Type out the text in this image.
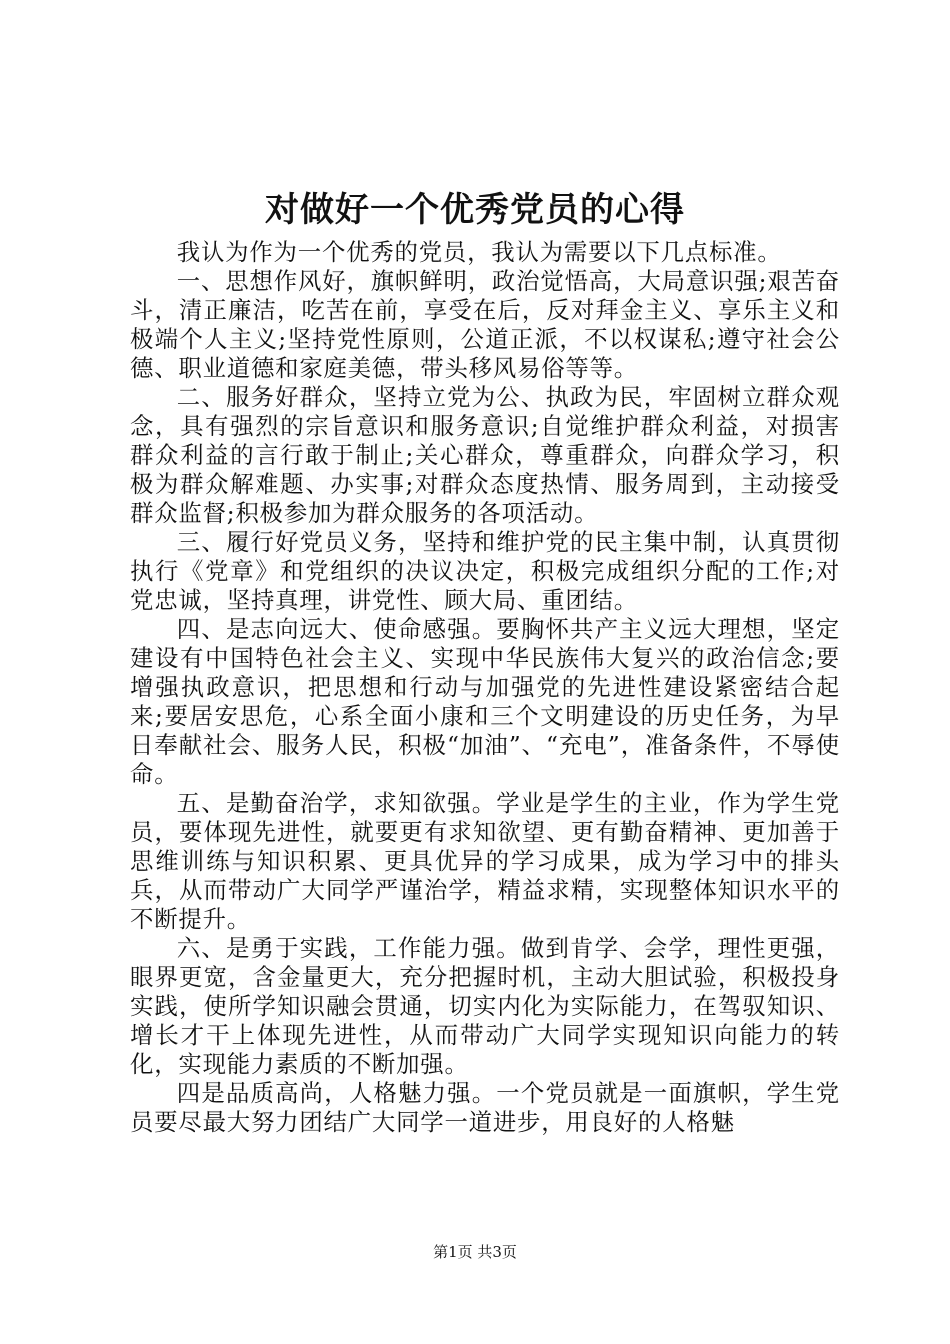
对做好一个优秀党员的心得

我认为作为一个优秀的党员，我认为需要以下几点标准。

一、思想作风好，旗帜鲜明，政治觉悟高，大局意识强;艰苦奋斗，清正廉洁，吃苦在前，享受在后，反对拜金主义、享乐主义和极端个人主义;坚持党性原则，公道正派，不以权谋私;遵守社会公德、职业道德和家庭美德，带头移风易俗等等。

二、服务好群众，坚持立党为公、执政为民，牢固树立群众观念，具有强烈的宗旨意识和服务意识;自觉维护群众利益，对损害群众利益的言行敢于制止;关心群众，尊重群众，向群众学习，积极为群众解难题、办实事;对群众态度热情、服务周到，主动接受群众监督;积极参加为群众服务的各项活动。

三、履行好党员义务，坚持和维护党的民主集中制，认真贯彻执行《党章》和党组织的决议决定，积极完成组织分配的工作;对党忠诚，坚持真理，讲党性、顾大局、重团结。

四、是志向远大、使命感强。要胸怀共产主义远大理想，坚定建设有中国特色社会主义、实现中华民族伟大复兴的政治信念;要增强执政意识，把思想和行动与加强党的先进性建设紧密结合起来;要居安思危，心系全面小康和三个文明建设的历史任务，为早日奉献社会、服务人民，积极“加油”、“充电”，准备条件，不辱使命。

五、是勤奋治学，求知欲强。学业是学生的主业，作为学生党员，要体现先进性，就要更有求知欲望、更有勤奋精神、更加善于思维训练与知识积累、更具优异的学习成果，成为学习中的排头兵，从而带动广大同学严谨治学，精益求精，实现整体知识水平的不断提升。

六、是勇于实践，工作能力强。做到肯学、会学，理性更强，眼界更宽，含金量更大，充分把握时机，主动大胆试验，积极投身实践，使所学知识融会贯通，切实内化为实际能力，在驾驭知识、增长才干上体现先进性，从而带动广大同学实现知识向能力的转化，实现能力素质的不断加强。

四是品质高尚，人格魅力强。一个党员就是一面旗帜，学生党员要尽最大努力团结广大同学一道进步，用良好的人格魅

第1页 共3页
